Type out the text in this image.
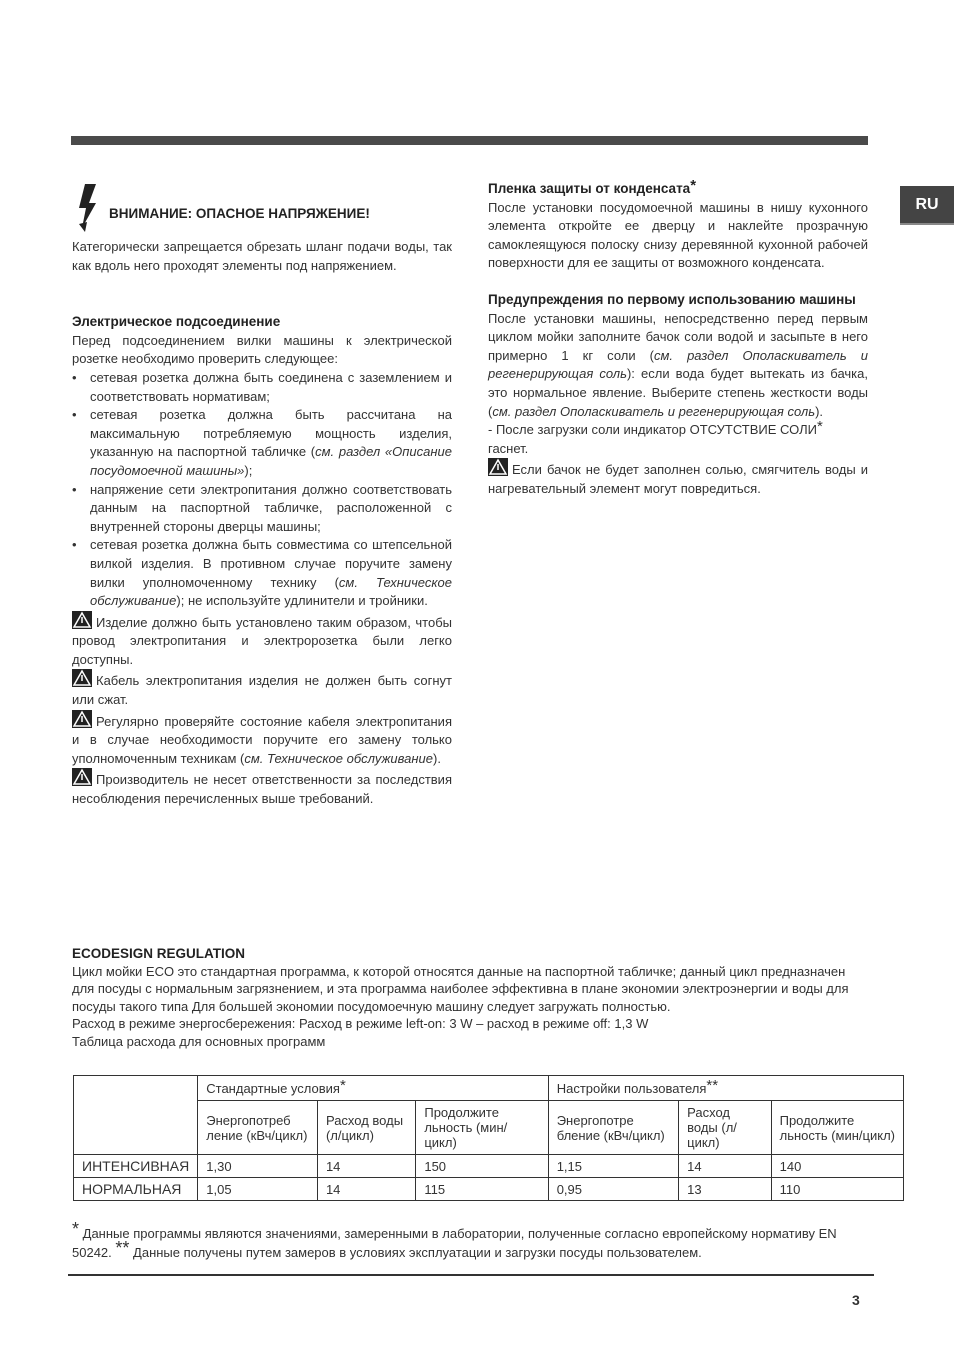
RU
ВНИМАНИЕ: ОПАСНОЕ НАПРЯЖЕНИЕ!

Категорически запрещается обрезать шланг подачи воды, так как вдоль него проходят элементы под напряжением.

Электрическое подсоединение

Перед подсоединением вилки машины к электрической розетке необходимо проверить следующее:

• сетевая розетка должна быть соединена с заземлением и соответствовать нормативам;
• сетевая розетка должна быть рассчитана на максимальную потребляемую мощность изделия, указанную на паспортной табличке (см. раздел «Описание посудомоечной машины»);
• напряжение сети электропитания должно соответствовать данным на паспортной табличке, расположенной с внутренней стороны дверцы машины;
• сетевая розетка должна быть совместима со штепсельной вилкой изделия. В противном случае поручите замену вилки уполномоченному технику (см. Техническое обслуживание); не используйте удлинители и тройники.

Изделие должно быть установлено таким образом, чтобы провод электропитания и электророзетка были легко доступны.

Кабель электропитания изделия не должен быть согнут или сжат.

Регулярно проверяйте состояние кабеля электропитания и в случае необходимости поручите его замену только уполномоченным техникам (см. Техническое обслуживание).

Производитель не несет ответственности за последствия несоблюдения перечисленных выше требований.

Пленка защиты от конденсата*

После установки посудомоечной машины в нишу кухонного элемента откройте ее дверцу и наклейте прозрачную самоклеящуюся полоску снизу деревянной кухонной рабочей поверхности для ее защиты от возможного конденсата.

Предупреждения по первому использованию машины

После установки машины, непосредственно перед первым циклом мойки заполните бачок соли водой и засыпьте в него примерно 1 кг соли (см. раздел Ополаскиватель и регенерирующая соль): если вода будет вытекать из бачка, это нормальное явление. Выберите степень жесткости воды (см. раздел Ополаскиватель и регенерирующая соль).

- После загрузки соли индикатор ОТСУТСТВИЕ СОЛИ*
гаснет.

Если бачок не будет заполнен солью, смягчитель воды и нагревательный элемент могут повредиться.

ECODESIGN REGULATION
Цикл мойки ECO это стандартная программа, к которой относятся данные на паспортной табличке; данный цикл предназначен для посуды с нормальным загрязнением, и эта программа наиболее эффективна в плане экономии электроэнергии и воды для посуды такого типа Для большей экономии посудомоечную машину следует загружать полностью.
Расход в режиме энергосбережения: Расход в режиме left-on: 3 W – расход в режиме off: 1,3 W
Таблица расхода для основных программ
	Стандартные условия*			Настройки пользователя**
	Энергопотреб ление (кВч/цикл)	Расход воды (л/цикл)	Продолжите льность (мин/цикл)	Энергопотре бление (кВч/цикл)	Расход воды (л/цикл)	Продолжите льность (мин/цикл)
ИНТЕНСИВНАЯ	1,30	14	150	1,15	14	140
НОРМАЛЬНАЯ	1,05	14	115	0,95	13	110
* Данные программы являются значениями, замеренными в лаборатории, полученные согласно европейскому нормативу EN 50242. ** Данные получены путем замеров в условиях эксплуатации и загрузки посуды пользователем.
3
